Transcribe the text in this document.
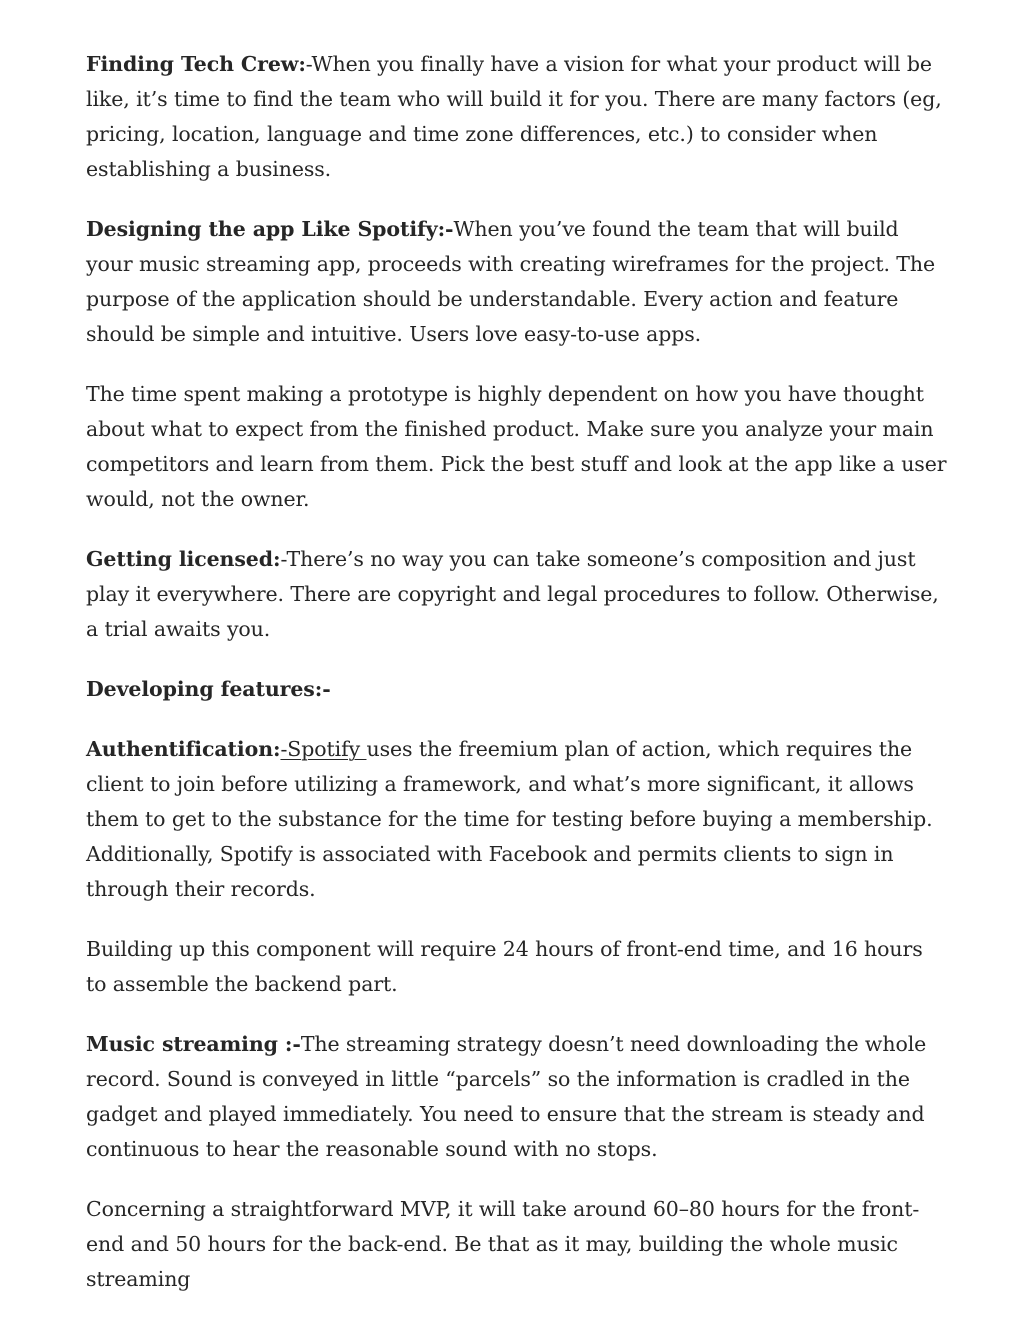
Finding Tech Crew:-When you finally have a vision for what your product will be like, it’s time to find the team who will build it for you. There are many factors (eg, pricing, location, language and time zone differences, etc.) to consider when establishing a business.

Designing the app Like Spotify:-When you’ve found the team that will build your music streaming app, proceeds with creating wireframes for the project. The purpose of the application should be understandable. Every action and feature should be simple and intuitive. Users love easy-to-use apps.

The time spent making a prototype is highly dependent on how you have thought about what to expect from the finished product. Make sure you analyze your main competitors and learn from them. Pick the best stuff and look at the app like a user would, not the owner.

Getting licensed:-There’s no way you can take someone’s composition and just play it everywhere. There are copyright and legal procedures to follow. Otherwise, a trial awaits you.

Developing features:-

Authentification:-Spotify uses the freemium plan of action, which requires the client to join before utilizing a framework, and what’s more significant, it allows them to get to the substance for the time for testing before buying a membership. Additionally, Spotify is associated with Facebook and permits clients to sign in through their records.

Building up this component will require 24 hours of front-end time, and 16 hours to assemble the backend part.

Music streaming :-The streaming strategy doesn’t need downloading the whole record. Sound is conveyed in little “parcels” so the information is cradled in the gadget and played immediately. You need to ensure that the stream is steady and continuous to hear the reasonable sound with no stops.

Concerning a straightforward MVP, it will take around 60–80 hours for the front-end and 50 hours for the back-end. Be that as it may, building the whole music streaming
